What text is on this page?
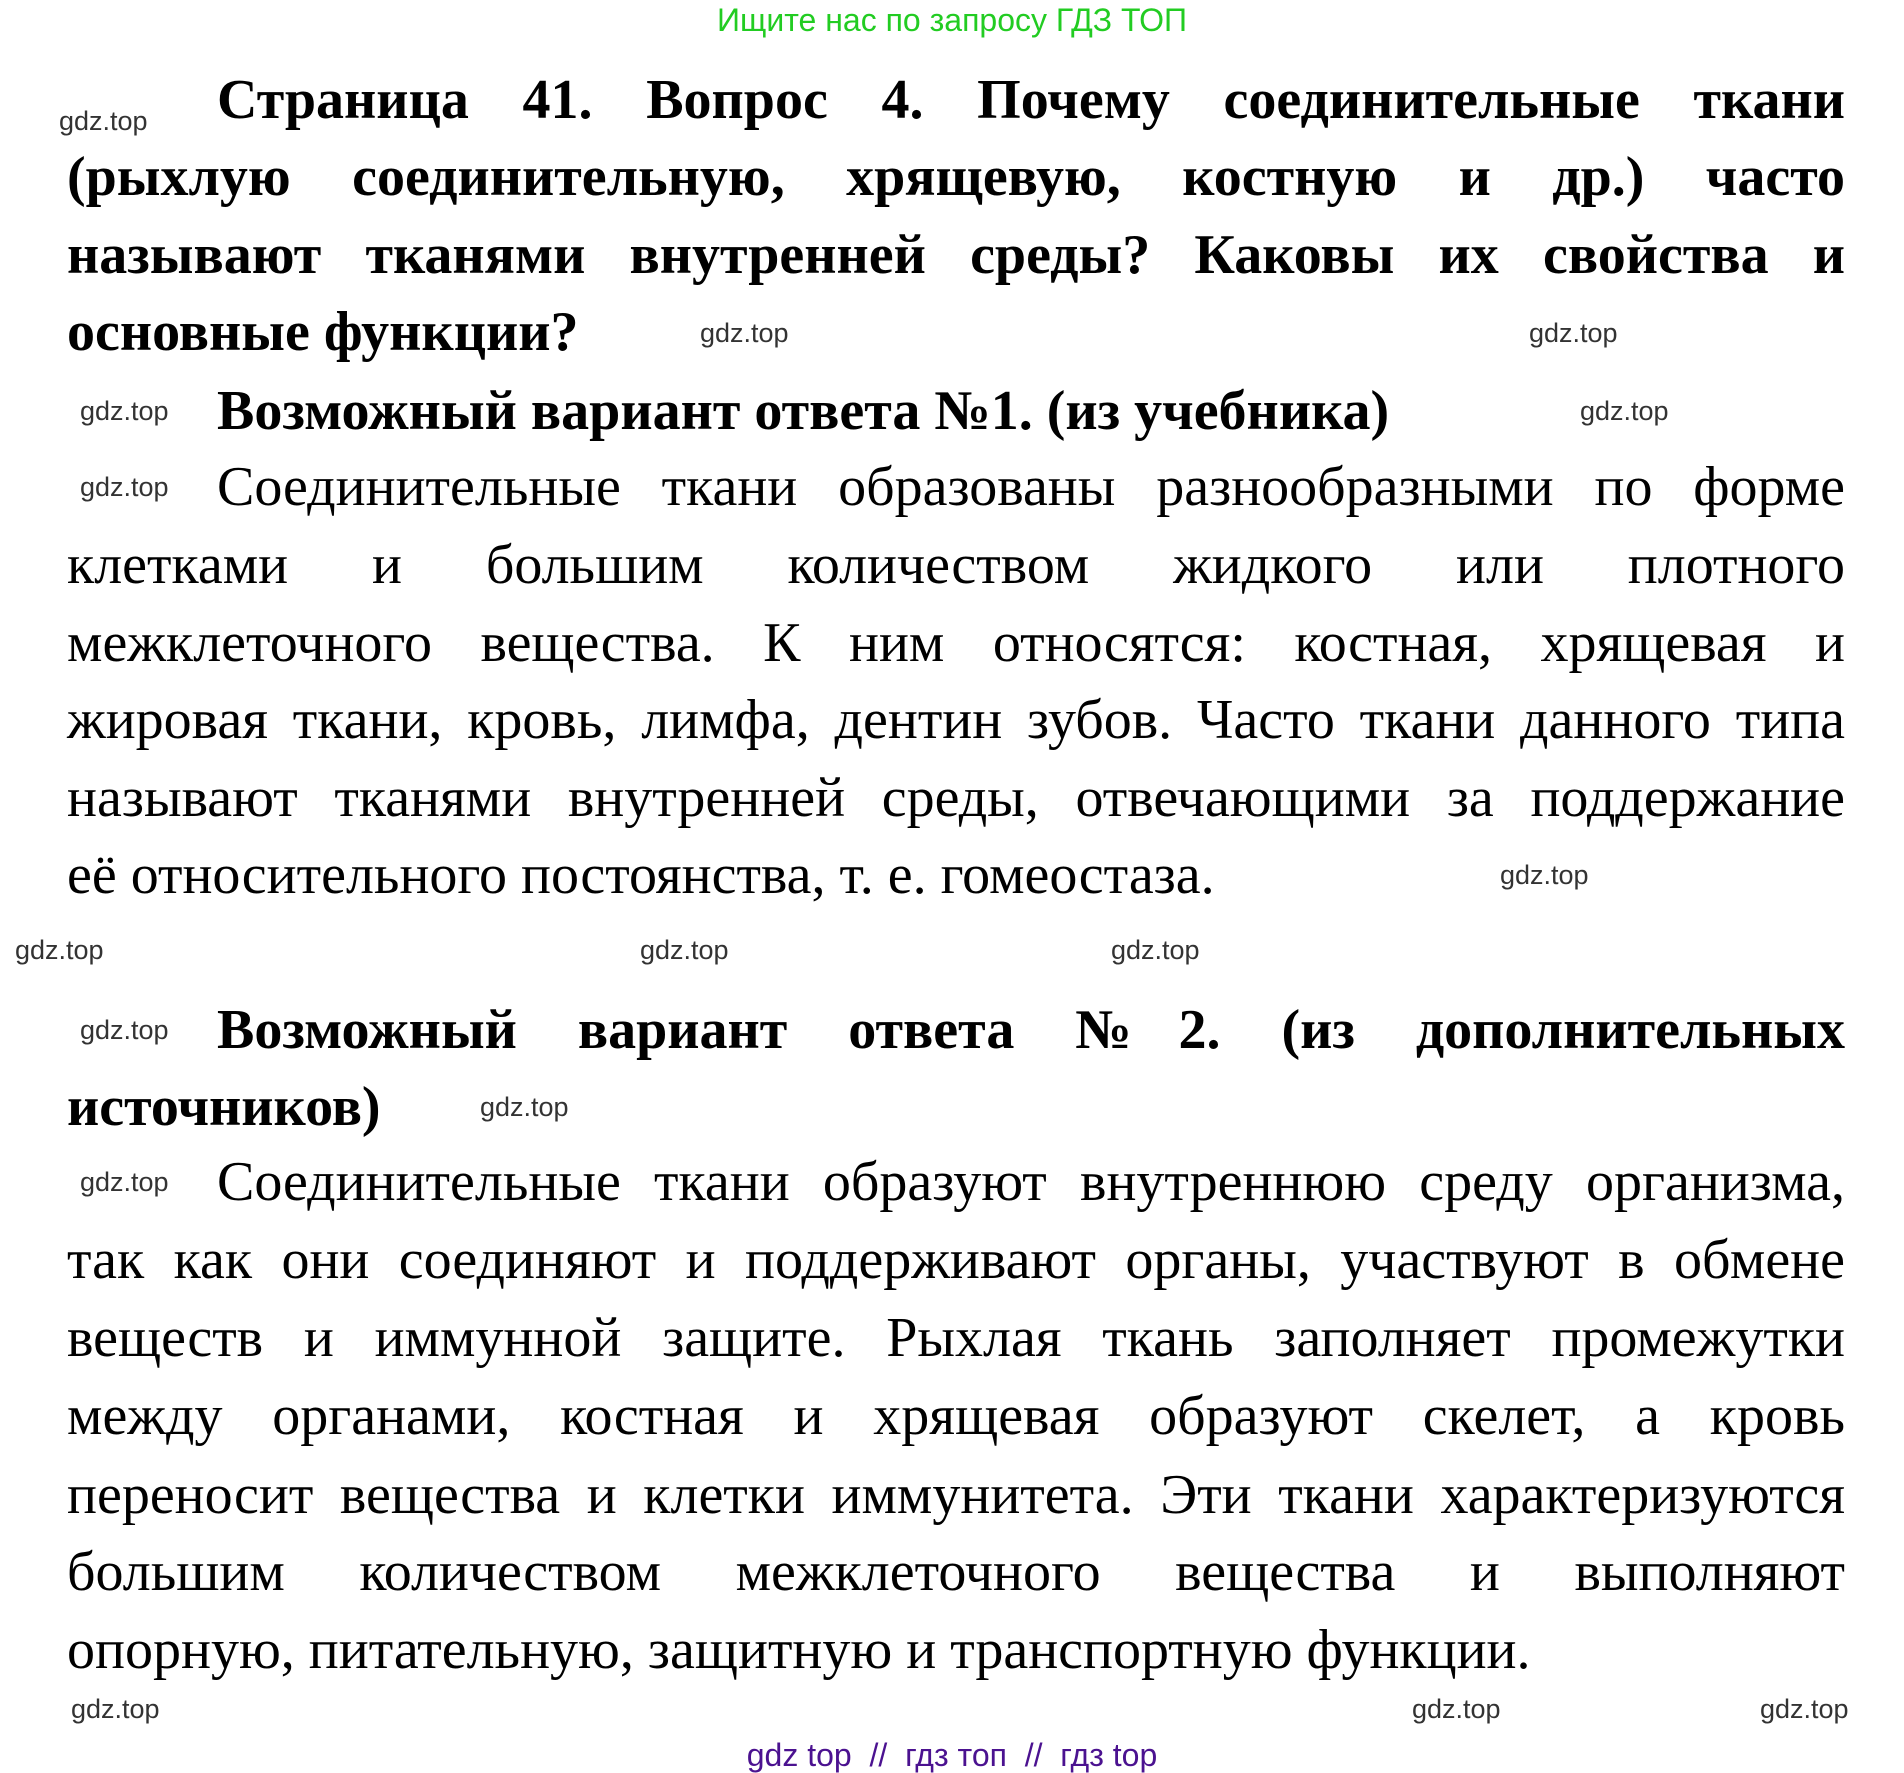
Ищите нас по запросу ГДЗ ТОП
Страница 41. Вопрос 4. Почему соединительные ткани
(рыхлую соединительную, хрящевую, костную и др.) часто
называют тканями внутренней среды? Каковы их свойства и
основные функции?
Возможный вариант ответа №1. (из учебника)
Соединительные ткани образованы разнообразными по форме
клетками и большим количеством жидкого или плотного
межклеточного вещества. К ним относятся: костная, хрящевая и
жировая ткани, кровь, лимфа, дентин зубов. Часто ткани данного типа
называют тканями внутренней среды, отвечающими за поддержание
её относительного постоянства, т. е. гомеостаза.
Возможный вариант ответа №2. (из дополнительных
источников)
Соединительные ткани образуют внутреннюю среду организма,
так как они соединяют и поддерживают органы, участвуют в обмене
веществ и иммунной защите. Рыхлая ткань заполняет промежутки
между органами, костная и хрящевая образуют скелет, а кровь
переносит вещества и клетки иммунитета. Эти ткани характеризуются
большим количеством межклеточного вещества и выполняют
опорную, питательную, защитную и транспортную функции.
gdz.top
gdz.top	gdz.top
gdz.top	gdz.top
gdz.top
gdz.top
gdz.top	gdz.top	gdz.top
gdz.top
gdz.top
gdz.top
gdz.top	gdz.top	gdz.top
gdz top  //  гдз топ  //  гдз top
